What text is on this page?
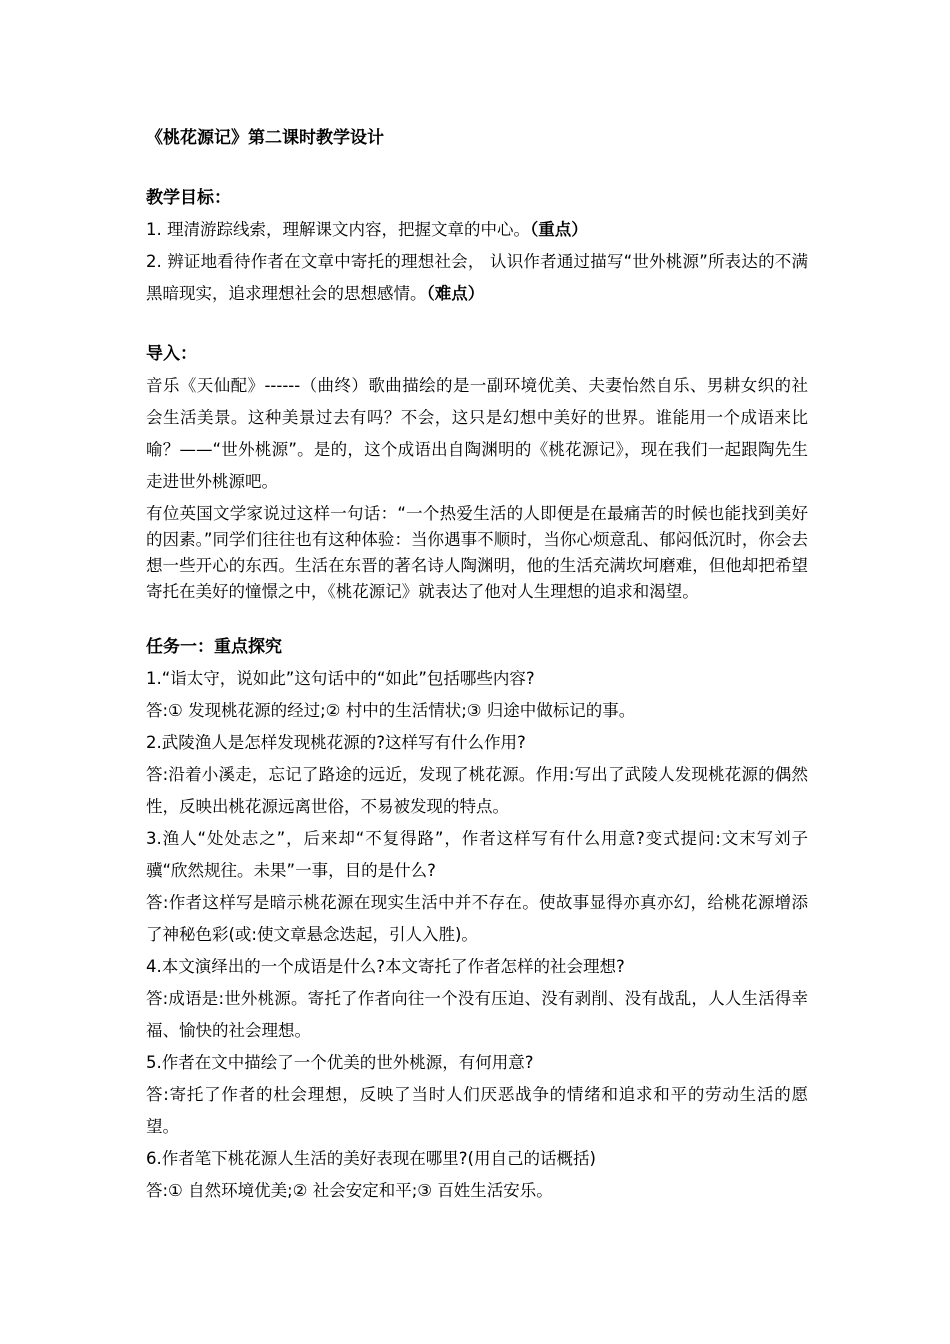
《桃花源记》第二课时教学设计

教学目标：

1. 理清游踪线索，理解课文内容，把握文章的中心。（重点）

2. 辨证地看待作者在文章中寄托的理想社会， 认识作者通过描写“世外桃源”所表达的不满黑暗现实，追求理想社会的思想感情。（难点）

导入：

音乐《天仙配》------（曲终）歌曲描绘的是一副环境优美、夫妻怡然自乐、男耕女织的社会生活美景。这种美景过去有吗？不会，这只是幻想中美好的世界。谁能用一个成语来比喻？——“世外桃源”。是的，这个成语出自陶渊明的《桃花源记》，现在我们一起跟陶先生走进世外桃源吧。

有位英国文学家说过这样一句话：“一个热爱生活的人即便是在最痛苦的时候也能找到美好的因素。”同学们往往也有这种体验：当你遇事不顺时，当你心烦意乱、郁闷低沉时，你会去想一些开心的东西。生活在东晋的著名诗人陶渊明，他的生活充满坎坷磨难，但他却把希望寄托在美好的憧憬之中，《桃花源记》就表达了他对人生理想的追求和渴望。

任务一：重点探究

1.“诣太守，说如此”这句话中的“如此”包括哪些内容?

答:① 发现桃花源的经过;② 村中的生活情状;③ 归途中做标记的事。

2.武陵渔人是怎样发现桃花源的?这样写有什么作用?

答:沿着小溪走，忘记了路途的远近，发现了桃花源。作用:写出了武陵人发现桃花源的偶然性，反映出桃花源远离世俗，不易被发现的特点。

3.渔人“处处志之”，后来却“不复得路”，作者这样写有什么用意?变式提问:文末写刘子骥“欣然规往。未果”一事，目的是什么?

答:作者这样写是暗示桃花源在现实生活中并不存在。使故事显得亦真亦幻，给桃花源增添了神秘色彩(或:使文章悬念迭起，引人入胜)。

4.本文演绎出的一个成语是什么?本文寄托了作者怎样的社会理想?

答:成语是:世外桃源。寄托了作者向往一个没有压迫、没有剥削、没有战乱，人人生活得幸福、愉快的社会理想。

5.作者在文中描绘了一个优美的世外桃源，有何用意?

答:寄托了作者的杜会理想，反映了当时人们厌恶战争的情绪和追求和平的劳动生活的愿望。

6.作者笔下桃花源人生活的美好表现在哪里?(用自己的话概括)

答:① 自然环境优美;② 社会安定和平;③ 百姓生活安乐。
